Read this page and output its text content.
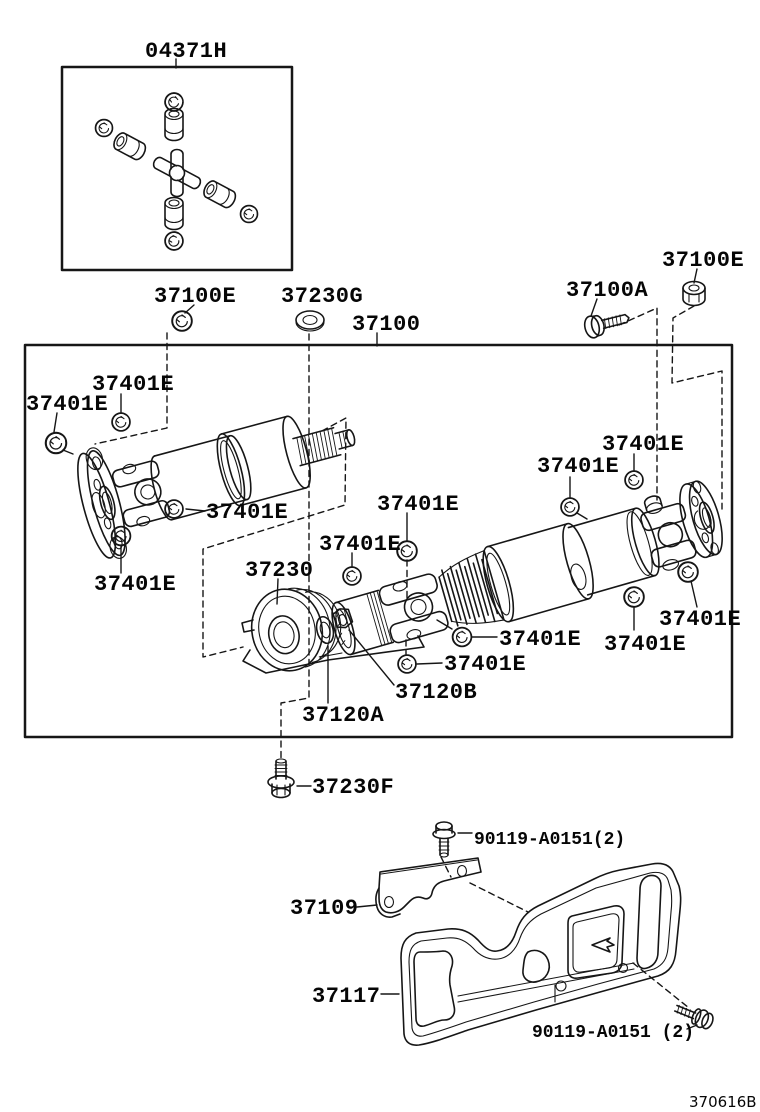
04371H
37100E 37230G
37100
37100A
37100E
37401E
37401E
37401E
37401E
37401E
37401E
37401E
37401E
37401E
37401E
37401E
37401E
37230
37120A
37120B
37230F
90119-A0151(2)
37109
37117
90119-A0151 (2)
370616B
